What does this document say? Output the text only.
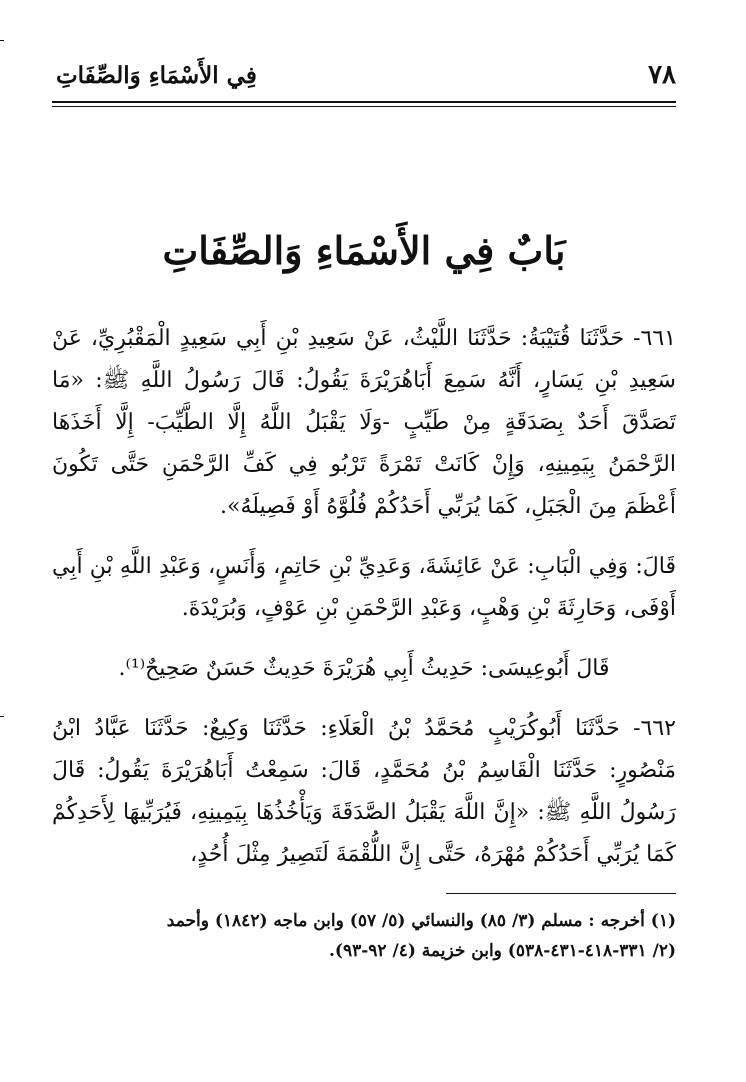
٧٨
فِي الأَسْمَاءِ وَالصِّفَاتِ
بَابٌ فِي الأَسْمَاءِ وَالصِّفَاتِ

٦٦١- حَدَّثَنَا قُتَيْبَةُ: حَدَّثَنَا اللَّيْثُ، عَنْ سَعِيدِ بْنِ أَبِي سَعِيدٍ الْمَقْبُرِيِّ، عَنْ سَعِيدِ بْنِ يَسَارٍ، أَنَّهُ سَمِعَ أَبَاهُرَيْرَةَ يَقُولُ: قَالَ رَسُولُ اللَّهِ ﷺ: «مَا تَصَدَّقَ أَحَدٌ بِصَدَقَةٍ مِنْ طَيِّبٍ -وَلَا يَقْبَلُ اللَّهُ إِلَّا الطَّيِّبَ- إِلَّا أَخَذَهَا الرَّحْمَنُ بِيَمِينِهِ، وَإِنْ كَانَتْ تَمْرَةً تَرْبُو فِي كَفِّ الرَّحْمَنِ حَتَّى تَكُونَ أَعْظَمَ مِنَ الْجَبَلِ، كَمَا يُرَبِّي أَحَدُكُمْ فُلُوَّهُ أَوْ فَصِيلَهُ».

قَالَ: وَفِي الْبَابِ: عَنْ عَائِشَةَ، وَعَدِيِّ بْنِ حَاتِمٍ، وَأَنَسٍ، وَعَبْدِ اللَّهِ بْنِ أَبِي أَوْفَى، وَحَارِثَةَ بْنِ وَهْبٍ، وَعَبْدِ الرَّحْمَنِ بْنِ عَوْفٍ، وَبُرَيْدَةَ.

قَالَ أَبُوعِيسَى: حَدِيثُ أَبِي هُرَيْرَةَ حَدِيثٌ حَسَنٌ صَحِيحٌ⁽¹⁾.

٦٦٢- حَدَّثَنَا أَبُوكُرَيْبٍ مُحَمَّدُ بْنُ الْعَلَاءِ: حَدَّثَنَا وَكِيعٌ: حَدَّثَنَا عَبَّادُ ابْنُ مَنْصُورٍ: حَدَّثَنَا الْقَاسِمُ بْنُ مُحَمَّدٍ، قَالَ: سَمِعْتُ أَبَاهُرَيْرَةَ يَقُولُ: قَالَ رَسُولُ اللَّهِ ﷺ: «إِنَّ اللَّهَ يَقْبَلُ الصَّدَقَةَ وَيَأْخُذُهَا بِيَمِينِهِ، فَيُرَبِّيهَا لِأَحَدِكُمْ كَمَا يُرَبِّي أَحَدُكُمْ مُهْرَهُ، حَتَّى إِنَّ اللُّقْمَةَ لَتَصِيرُ مِثْلَ أُحُدٍ،

(١) أخرجه : مسلم (٣/ ٨٥) والنسائي (٥/ ٥٧) وابن ماجه (١٨٤٢) وأحمد

(٢/ ٣٣١-٤١٨-٤٣١-٥٣٨) وابن خزيمة (٤/ ٩٢-٩٣).
